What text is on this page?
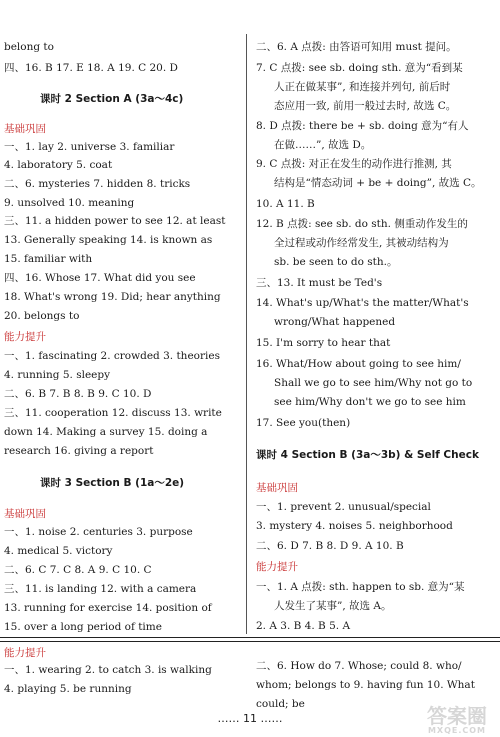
belong to
四、16. B 17. E 18. A 19. C 20. D
课时 2 Section A (3a～4c)
基础巩固
一、1. lay 2. universe 3. familiar
4. laboratory 5. coat
二、6. mysteries 7. hidden 8. tricks
9. unsolved 10. meaning
三、11. a hidden power to see 12. at least
13. Generally speaking 14. is known as
15. familiar with
四、16. Whose 17. What did you see
18. What's wrong 19. Did; hear anything
20. belongs to
能力提升
一、1. fascinating 2. crowded 3. theories
4. running 5. sleepy
二、6. B 7. B 8. B 9. C 10. D
三、11. cooperation 12. discuss 13. write
down 14. Making a survey 15. doing a
research 16. giving a report
课时 3 Section B (1a～2e)
基础巩固
一、1. noise 2. centuries 3. purpose
4. medical 5. victory
二、6. C 7. C 8. A 9. C 10. C
三、11. is landing 12. with a camera
13. running for exercise 14. position of
15. over a long period of time
能力提升
一、1. wearing 2. to catch 3. is walking
4. playing 5. be running
二、6. A 点拨: 由答语可知用 must 提问。
7. C 点拨: see sb. doing sth. 意为“看到某
人正在做某事”, 和连接并列句, 前后时
态应用一致, 前用一般过去时, 故选 C。
8. D 点拨: there be + sb. doing 意为“有人
在做……”, 故选 D。
9. C 点拨: 对正在发生的动作进行推测, 其
结构是“情态动词 + be + doing”, 故选 C。
10. A 11. B
12. B 点拨: see sb. do sth. 侧重动作发生的
全过程或动作经常发生, 其被动结构为
sb. be seen to do sth.。
三、13. It must be Ted's
14. What's up/What's the matter/What's
wrong/What happened
15. I'm sorry to hear that
16. What/How about going to see him/
Shall we go to see him/Why not go to
see him/Why don't we go to see him
17. See you(then)
课时 4 Section B (3a～3b) & Self Check
基础巩固
一、1. prevent 2. unusual/special
3. mystery 4. noises 5. neighborhood
二、6. D 7. B 8. D 9. A 10. B
能力提升
一、1. A 点拨: sth. happen to sb. 意为“某
人发生了某事”, 故选 A。
2. A 3. B 4. B 5. A
二、6. How do 7. Whose; could 8. who/
whom; belongs to 9. having fun 10. What
could; be
…… 11 ……	答案圈
MXQE.COM
